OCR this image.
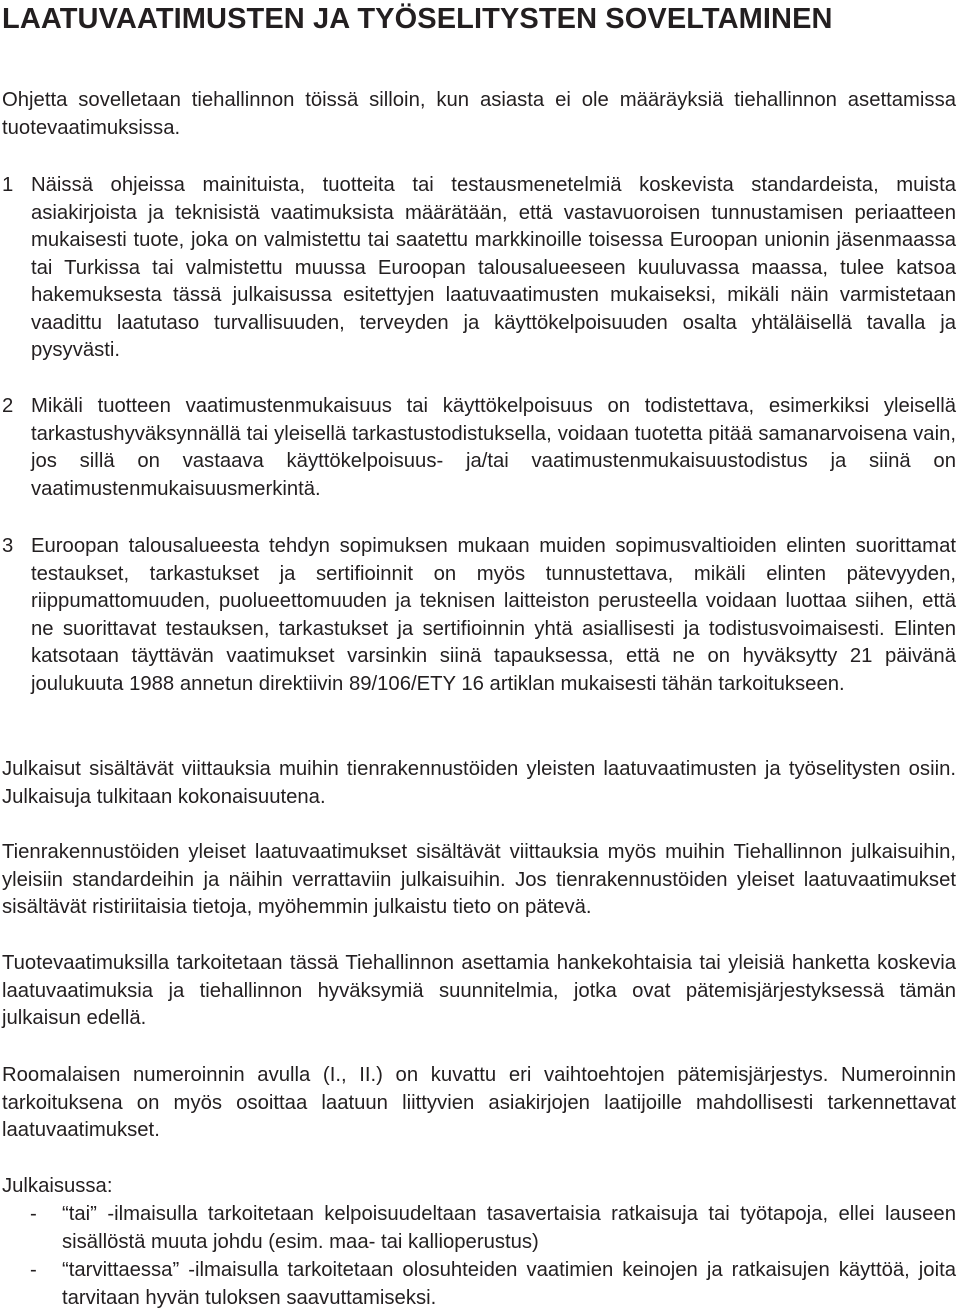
LAATUVAATIMUSTEN JA TYÖSELITYSTEN SOVELTAMINEN
Ohjetta sovelletaan tiehallinnon töissä silloin, kun asiasta ei ole määräyksiä tiehallinnon asettamissa tuotevaatimuksissa.
1 Näissä ohjeissa mainituista, tuotteita tai testausmenetelmiä koskevista standardeista, muista asiakirjoista ja teknisistä vaatimuksista määrätään, että vastavuoroisen tunnustamisen periaatteen mukaisesti tuote, joka on valmistettu tai saatettu markkinoille toisessa Euroopan unionin jäsenmaassa tai Turkissa tai valmistettu muussa Euroopan talousalueeseen kuuluvassa maassa, tulee katsoa hakemuksesta tässä julkaisussa esitettyjen laatuvaatimusten mukaiseksi, mikäli näin varmistetaan vaadittu laatutaso turvallisuuden, terveyden ja käyttökelpoisuuden osalta yhtäläisellä tavalla ja pysyvästi.
2 Mikäli tuotteen vaatimustenmukaisuus tai käyttökelpoisuus on todistettava, esimerkiksi yleisellä tarkastushyväksynnällä tai yleisellä tarkastustodistuksella, voidaan tuotetta pitää samanarvoisena vain, jos sillä on vastaava käyttökelpoisuus- ja/tai vaatimustenmukaisuustodistus ja siinä on vaatimustenmukaisuusmerkintä.
3 Euroopan talousalueesta tehdyn sopimuksen mukaan muiden sopimusvaltioiden elinten suorittamat testaukset, tarkastukset ja sertifioinnit on myös tunnustettava, mikäli elinten pätevyyden, riippumattomuuden, puolueettomuuden ja teknisen laitteiston perusteella voidaan luottaa siihen, että ne suorittavat testauksen, tarkastukset ja sertifioinnin yhtä asiallisesti ja todistusvoimaisesti. Elinten katsotaan täyttävän vaatimukset varsinkin siinä tapauksessa, että ne on hyväksytty 21 päivänä joulukuuta 1988 annetun direktiivin 89/106/ETY 16 artiklan mukaisesti tähän tarkoitukseen.
Julkaisut sisältävät viittauksia muihin tienrakennustöiden yleisten laatuvaatimusten ja työselitysten osiin. Julkaisuja tulkitaan kokonaisuutena.
Tienrakennustöiden yleiset laatuvaatimukset sisältävät viittauksia myös muihin Tiehallinnon julkaisuihin, yleisiin standardeihin ja näihin verrattaviin julkaisuihin. Jos tienrakennustöiden yleiset laatuvaatimukset sisältävät ristiriitaisia tietoja, myöhemmin julkaistu tieto on pätevä.
Tuotevaatimuksilla tarkoitetaan tässä Tiehallinnon asettamia hankekohtaisia tai yleisiä hanketta koskevia laatuvaatimuksia ja tiehallinnon hyväksymiä suunnitelmia, jotka ovat pätemisjärjestyksessä tämän julkaisun edellä.
Roomalaisen numeroinnin avulla (I., II.) on kuvattu eri vaihtoehtojen pätemisjärjestys. Numeroinnin tarkoituksena on myös osoittaa laatuun liittyvien asiakirjojen laatijoille mahdollisesti tarkennettavat laatuvaatimukset.
Julkaisussa:
- “tai” -ilmaisulla tarkoitetaan kelpoisuudeltaan tasavertaisia ratkaisuja tai työtapoja, ellei lauseen sisällöstä muuta johdu (esim. maa- tai kallioperustus)
- “tarvittaessa” -ilmaisulla tarkoitetaan olosuhteiden vaatimien keinojen ja ratkaisujen käyttöä, joita tarvitaan hyvän tuloksen saavuttamiseksi.
